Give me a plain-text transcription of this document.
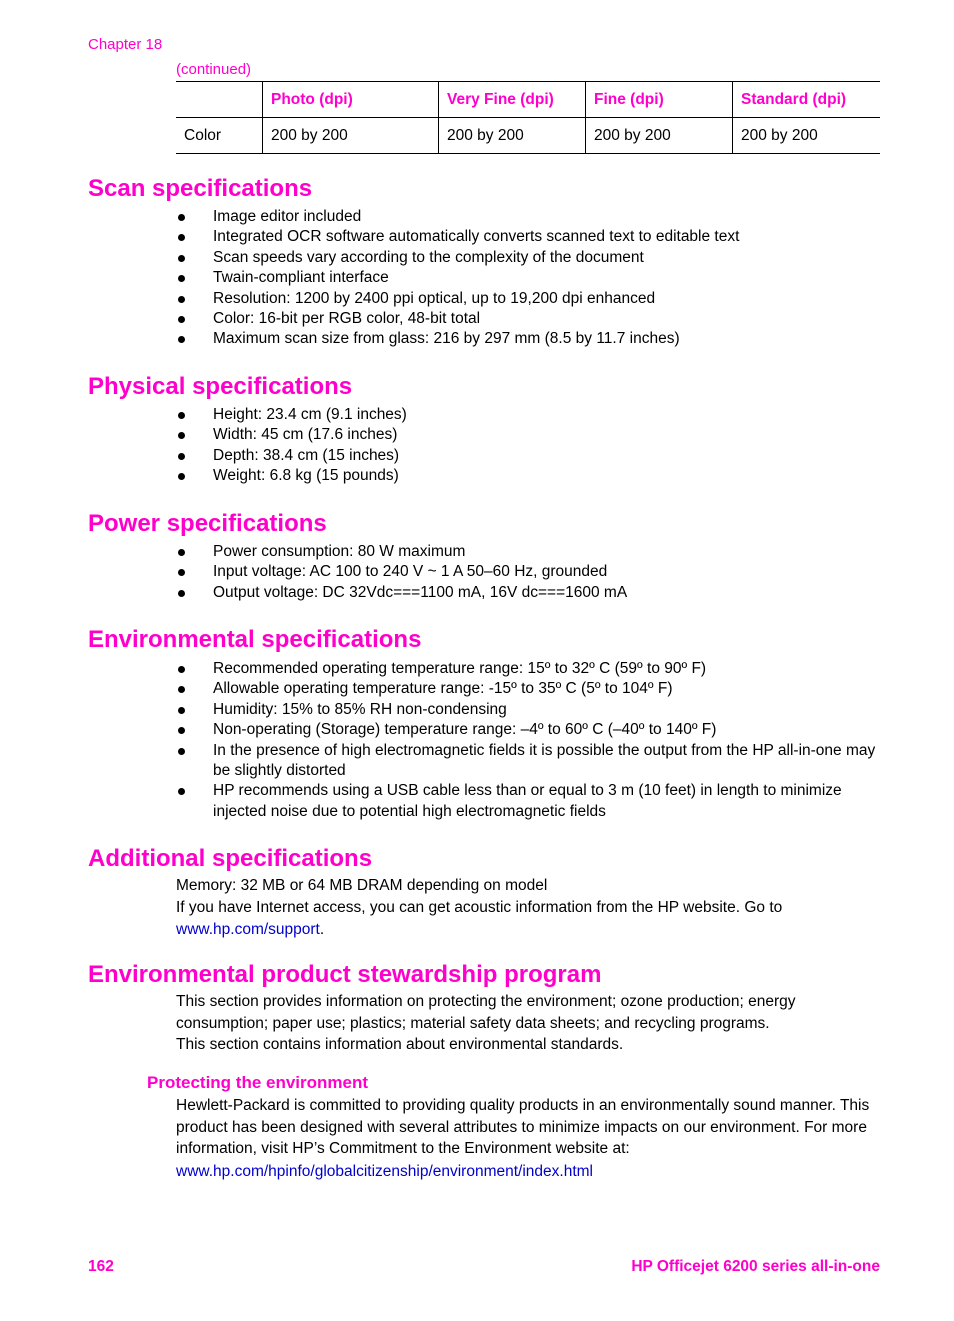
Chapter 18
(continued)
	Photo (dpi)	Very Fine (dpi)	Fine (dpi)	Standard (dpi)
Color	200 by 200	200 by 200	200 by 200	200 by 200
Scan specifications
Image editor included
Integrated OCR software automatically converts scanned text to editable text
Scan speeds vary according to the complexity of the document
Twain-compliant interface
Resolution: 1200 by 2400 ppi optical, up to 19,200 dpi enhanced
Color: 16-bit per RGB color, 48-bit total
Maximum scan size from glass: 216 by 297 mm (8.5 by 11.7 inches)
Physical specifications
Height: 23.4 cm (9.1 inches)
Width: 45 cm (17.6 inches)
Depth: 38.4 cm (15 inches)
Weight: 6.8 kg (15 pounds)
Power specifications
Power consumption: 80 W maximum
Input voltage: AC 100 to 240 V ~ 1 A 50–60 Hz, grounded
Output voltage: DC 32Vdc===1100 mA, 16V dc===1600 mA
Environmental specifications
Recommended operating temperature range: 15º to 32º C (59º to 90º F)
Allowable operating temperature range: -15º to 35º C (5º to 104º F)
Humidity: 15% to 85% RH non-condensing
Non-operating (Storage) temperature range: –4º to 60º C (–40º to 140º F)
In the presence of high electromagnetic fields it is possible the output from the HP all-in-one may be slightly distorted
HP recommends using a USB cable less than or equal to 3 m (10 feet) in length to minimize injected noise due to potential high electromagnetic fields
Additional specifications

Memory: 32 MB or 64 MB DRAM depending on model

If you have Internet access, you can get acoustic information from the HP website. Go to
www.hp.com/support.

Environmental product stewardship program

This section provides information on protecting the environment; ozone production; energy consumption; paper use; plastics; material safety data sheets; and recycling programs.

This section contains information about environmental standards.

Protecting the environment

Hewlett-Packard is committed to providing quality products in an environmentally sound manner. This product has been designed with several attributes to minimize impacts on our environment. For more information, visit HP’s Commitment to the Environment website at:

www.hp.com/hpinfo/globalcitizenship/environment/index.html

162	HP Officejet 6200 series all-in-one
